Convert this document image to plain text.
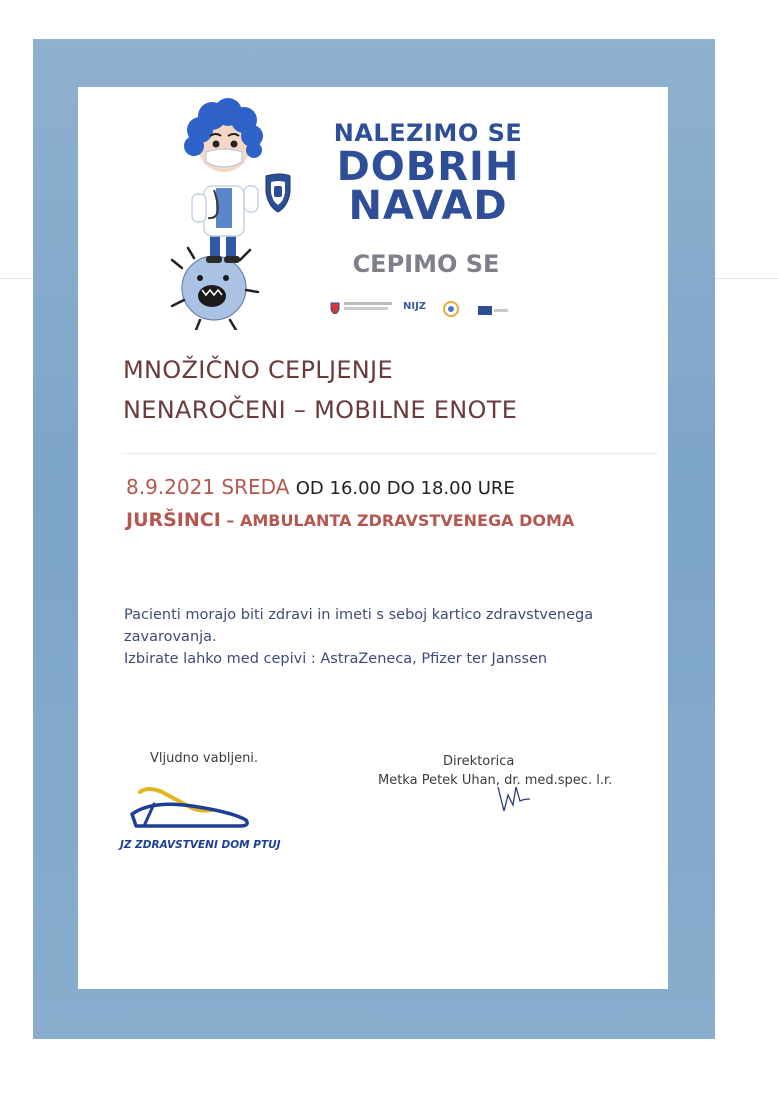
NALEZIMO SE
DOBRIH
NAVAD
CEPIMO SE
NIJZ
MNOŽIČNO CEPLJENJE
NENAROČENI – MOBILNE ENOTE
8.9.2021 SREDA OD 16.00 DO 18.00 URE
JURŠINCI – AMBULANTA ZDRAVSTVENEGA DOMA
Pacienti morajo biti zdravi in imeti s seboj kartico zdravstvenega zavarovanja.
Izbirate lahko med cepivi : AstraZeneca, Pfizer ter Janssen
Vljudno vabljeni.	Direktorica
Metka Petek Uhan, dr. med.spec. l.r.
JZ ZDRAVSTVENI DOM PTUJ
